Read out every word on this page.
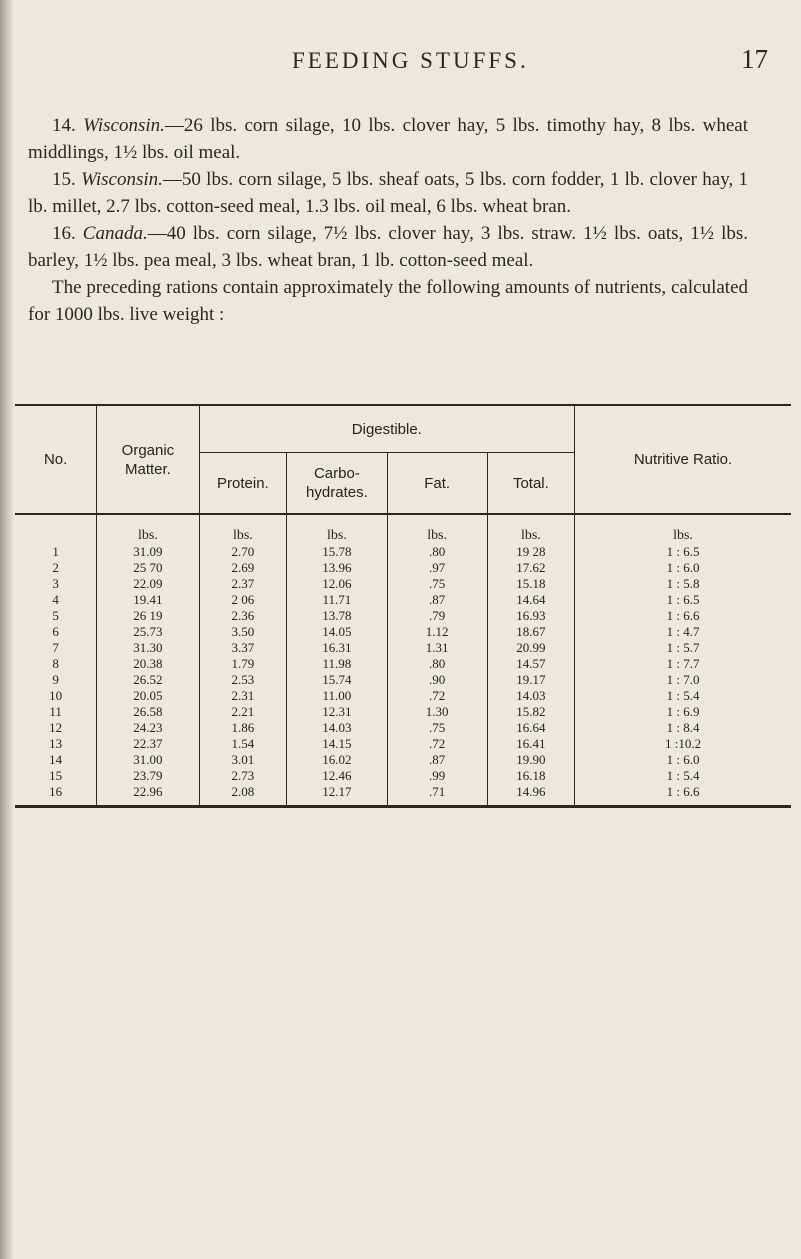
FEEDING STUFFS.	17

14. Wisconsin.—26 lbs. corn silage, 10 lbs. clover hay, 5 lbs. timothy hay, 8 lbs. wheat middlings, 1½ lbs. oil meal.

15. Wisconsin.—50 lbs. corn silage, 5 lbs. sheaf oats, 5 lbs. corn fodder, 1 lb. clover hay, 1 lb. millet, 2.7 lbs. cotton-seed meal, 1.3 lbs. oil meal, 6 lbs. wheat bran.

16. Canada.—40 lbs. corn silage, 7½ lbs. clover hay, 3 lbs. straw. 1½ lbs. oats, 1½ lbs. barley, 1½ lbs. pea meal, 3 lbs. wheat bran, 1 lb. cotton-seed meal.

The preceding rations contain approximately the following amounts of nutrients, calculated for 1000 lbs. live weight :

No.	Organic Matter.	Digestible.				Nutritive Ratio.
		Protein.	Carbo- hydrates.	Fat.	Total.	
	lbs.	lbs.	lbs.	lbs.	lbs.	lbs.
1	31.09	2.70	15.78	.80	19 28	1 : 6.5
2	25 70	2.69	13.96	.97	17.62	1 : 6.0
3	22.09	2.37	12.06	.75	15.18	1 : 5.8
4	19.41	2 06	11.71	.87	14.64	1 : 6.5
5	26 19	2.36	13.78	.79	16.93	1 : 6.6
6	25.73	3.50	14.05	1.12	18.67	1 : 4.7
7	31.30	3.37	16.31	1.31	20.99	1 : 5.7
8	20.38	1.79	11.98	.80	14.57	1 : 7.7
9	26.52	2.53	15.74	.90	19.17	1 : 7.0
10	20.05	2.31	11.00	.72	14.03	1 : 5.4
11	26.58	2.21	12.31	1.30	15.82	1 : 6.9
12	24.23	1.86	14.03	.75	16.64	1 : 8.4
13	22.37	1.54	14.15	.72	16.41	1 :10.2
14	31.00	3.01	16.02	.87	19.90	1 : 6.0
15	23.79	2.73	12.46	.99	16.18	1 : 5.4
16	22.96	2.08	12.17	.71	14.96	1 : 6.6
